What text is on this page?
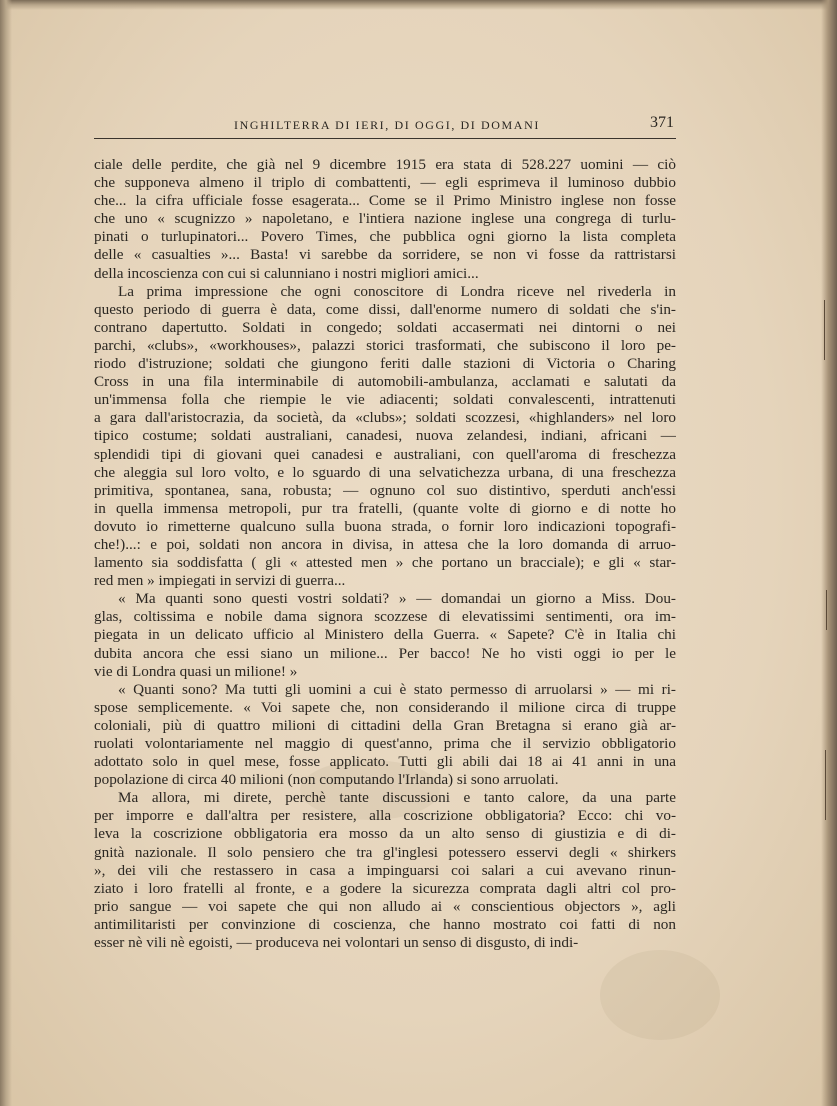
INGHILTERRA DI IERI, DI OGGI, DI DOMANI	371
ciale delle perdite, che già nel 9 dicembre 1915 era stata di 528.227 uomini — ciò
che supponeva almeno il triplo di combattenti, — egli esprimeva il luminoso dubbio
che... la cifra ufficiale fosse esagerata... Come se il Primo Ministro inglese non fosse
che uno « scugnizzo » napoletano, e l'intiera nazione inglese una congrega di turlu-
pinati o turlupinatori... Povero Times, che pubblica ogni giorno la lista completa
delle « casualties »... Basta! vi sarebbe da sorridere, se non vi fosse da rattristarsi
della incoscienza con cui si calunniano i nostri migliori amici...
La prima impressione che ogni conoscitore di Londra riceve nel rivederla in
questo periodo di guerra è data, come dissi, dall'enorme numero di soldati che s'in-
contrano dapertutto. Soldati in congedo; soldati accasermati nei dintorni o nei
parchi, «clubs», «workhouses», palazzi storici trasformati, che subiscono il loro pe-
riodo d'istruzione; soldati che giungono feriti dalle stazioni di Victoria o Charing
Cross in una fila interminabile di automobili-ambulanza, acclamati e salutati da
un'immensa folla che riempie le vie adiacenti; soldati convalescenti, intrattenuti
a gara dall'aristocrazia, da società, da «clubs»; soldati scozzesi, «highlanders» nel loro
tipico costume; soldati australiani, canadesi, nuova zelandesi, indiani, africani —
splendidi tipi di giovani quei canadesi e australiani, con quell'aroma di freschezza
che aleggia sul loro volto, e lo sguardo di una selvatichezza urbana, di una freschezza
primitiva, spontanea, sana, robusta; — ognuno col suo distintivo, sperduti anch'essi
in quella immensa metropoli, pur tra fratelli, (quante volte di giorno e di notte ho
dovuto io rimetterne qualcuno sulla buona strada, o fornir loro indicazioni topografi-
che!)...: e poi, soldati non ancora in divisa, in attesa che la loro domanda di arruo-
lamento sia soddisfatta ( gli « attested men » che portano un bracciale); e gli « star-
red men » impiegati in servizi di guerra...
« Ma quanti sono questi vostri soldati? » — domandai un giorno a Miss. Dou-
glas, coltissima e nobile dama signora scozzese di elevatissimi sentimenti, ora im-
piegata in un delicato ufficio al Ministero della Guerra. « Sapete? C'è in Italia chi
dubita ancora che essi siano un milione... Per bacco! Ne ho visti oggi io per le
vie di Londra quasi un milione! »
« Quanti sono? Ma tutti gli uomini a cui è stato permesso di arruolarsi » — mi ri-
spose semplicemente. « Voi sapete che, non considerando il milione circa di truppe
coloniali, più di quattro milioni di cittadini della Gran Bretagna si erano già ar-
ruolati volontariamente nel maggio di quest'anno, prima che il servizio obbligatorio
adottato solo in quel mese, fosse applicato. Tutti gli abili dai 18 ai 41 anni in una
popolazione di circa 40 milioni (non computando l'Irlanda) si sono arruolati.
Ma allora, mi direte, perchè tante discussioni e tanto calore, da una parte
per imporre e dall'altra per resistere, alla coscrizione obbligatoria? Ecco: chi vo-
leva la coscrizione obbligatoria era mosso da un alto senso di giustizia e di di-
gnità nazionale. Il solo pensiero che tra gl'inglesi potessero esservi degli « shirkers
», dei vili che restassero in casa a impinguarsi coi salari a cui avevano rinun-
ziato i loro fratelli al fronte, e a godere la sicurezza comprata dagli altri col pro-
prio sangue — voi sapete che qui non alludo ai « conscientious objectors », agli
antimilitaristi per convinzione di coscienza, che hanno mostrato coi fatti di non
esser nè vili nè egoisti, — produceva nei volontari un senso di disgusto, di indi-
